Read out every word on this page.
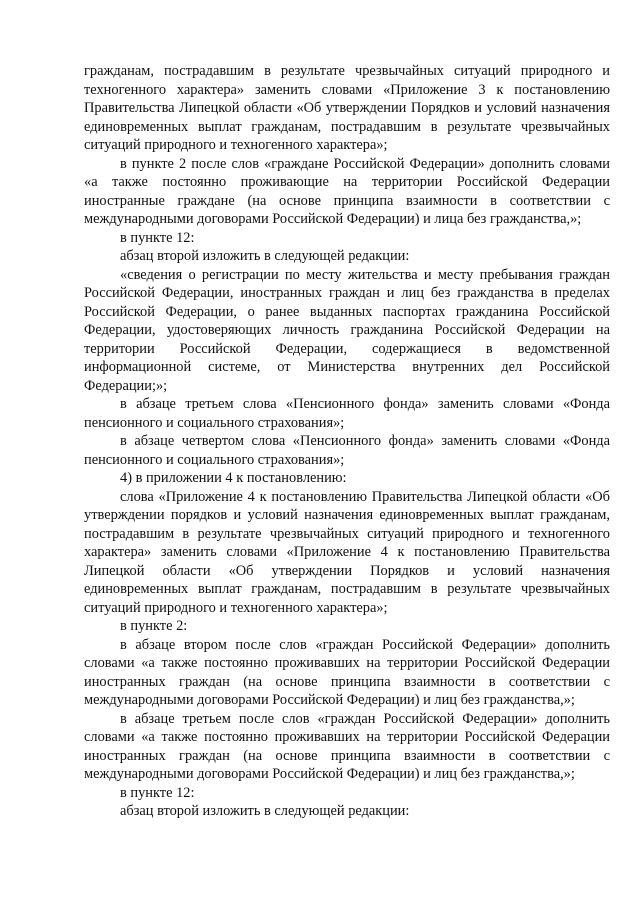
гражданам, пострадавшим в результате чрезвычайных ситуаций природного и техногенного характера» заменить словами «Приложение 3 к постановлению Правительства Липецкой области «Об утверждении Порядков и условий назначения единовременных выплат гражданам, пострадавшим в результате чрезвычайных ситуаций природного и техногенного характера»;

в пункте 2 после слов «граждане Российской Федерации» дополнить словами «а также постоянно проживающие на территории Российской Федерации иностранные граждане (на основе принципа взаимности в соответствии с международными договорами Российской Федерации) и лица без гражданства,»;

в пункте 12:

абзац второй изложить в следующей редакции:

«сведения о регистрации по месту жительства и месту пребывания граждан Российской Федерации, иностранных граждан и лиц без гражданства в пределах Российской Федерации, о ранее выданных паспортах гражданина Российской Федерации, удостоверяющих личность гражданина Российской Федерации на территории Российской Федерации, содержащиеся в ведомственной информационной системе, от Министерства внутренних дел Российской Федерации;»;

в абзаце третьем слова «Пенсионного фонда» заменить словами «Фонда пенсионного и социального страхования»;

в абзаце четвертом слова «Пенсионного фонда» заменить словами «Фонда пенсионного и социального страхования»;

4) в приложении 4 к постановлению:

слова «Приложение 4 к постановлению Правительства Липецкой области «Об утверждении порядков и условий назначения единовременных выплат гражданам, пострадавшим в результате чрезвычайных ситуаций природного и техногенного характера» заменить словами «Приложение 4 к постановлению Правительства Липецкой области «Об утверждении Порядков и условий назначения единовременных выплат гражданам, пострадавшим в результате чрезвычайных ситуаций природного и техногенного характера»;

в пункте 2:

в абзаце втором после слов «граждан Российской Федерации» дополнить словами «а также постоянно проживавших на территории Российской Федерации иностранных граждан (на основе принципа взаимности в соответствии с международными договорами Российской Федерации) и лиц без гражданства,»;

в абзаце третьем после слов «граждан Российской Федерации» дополнить словами «а также постоянно проживавших на территории Российской Федерации иностранных граждан (на основе принципа взаимности в соответствии с международными договорами Российской Федерации) и лиц без гражданства,»;

в пункте 12:

абзац второй изложить в следующей редакции:
